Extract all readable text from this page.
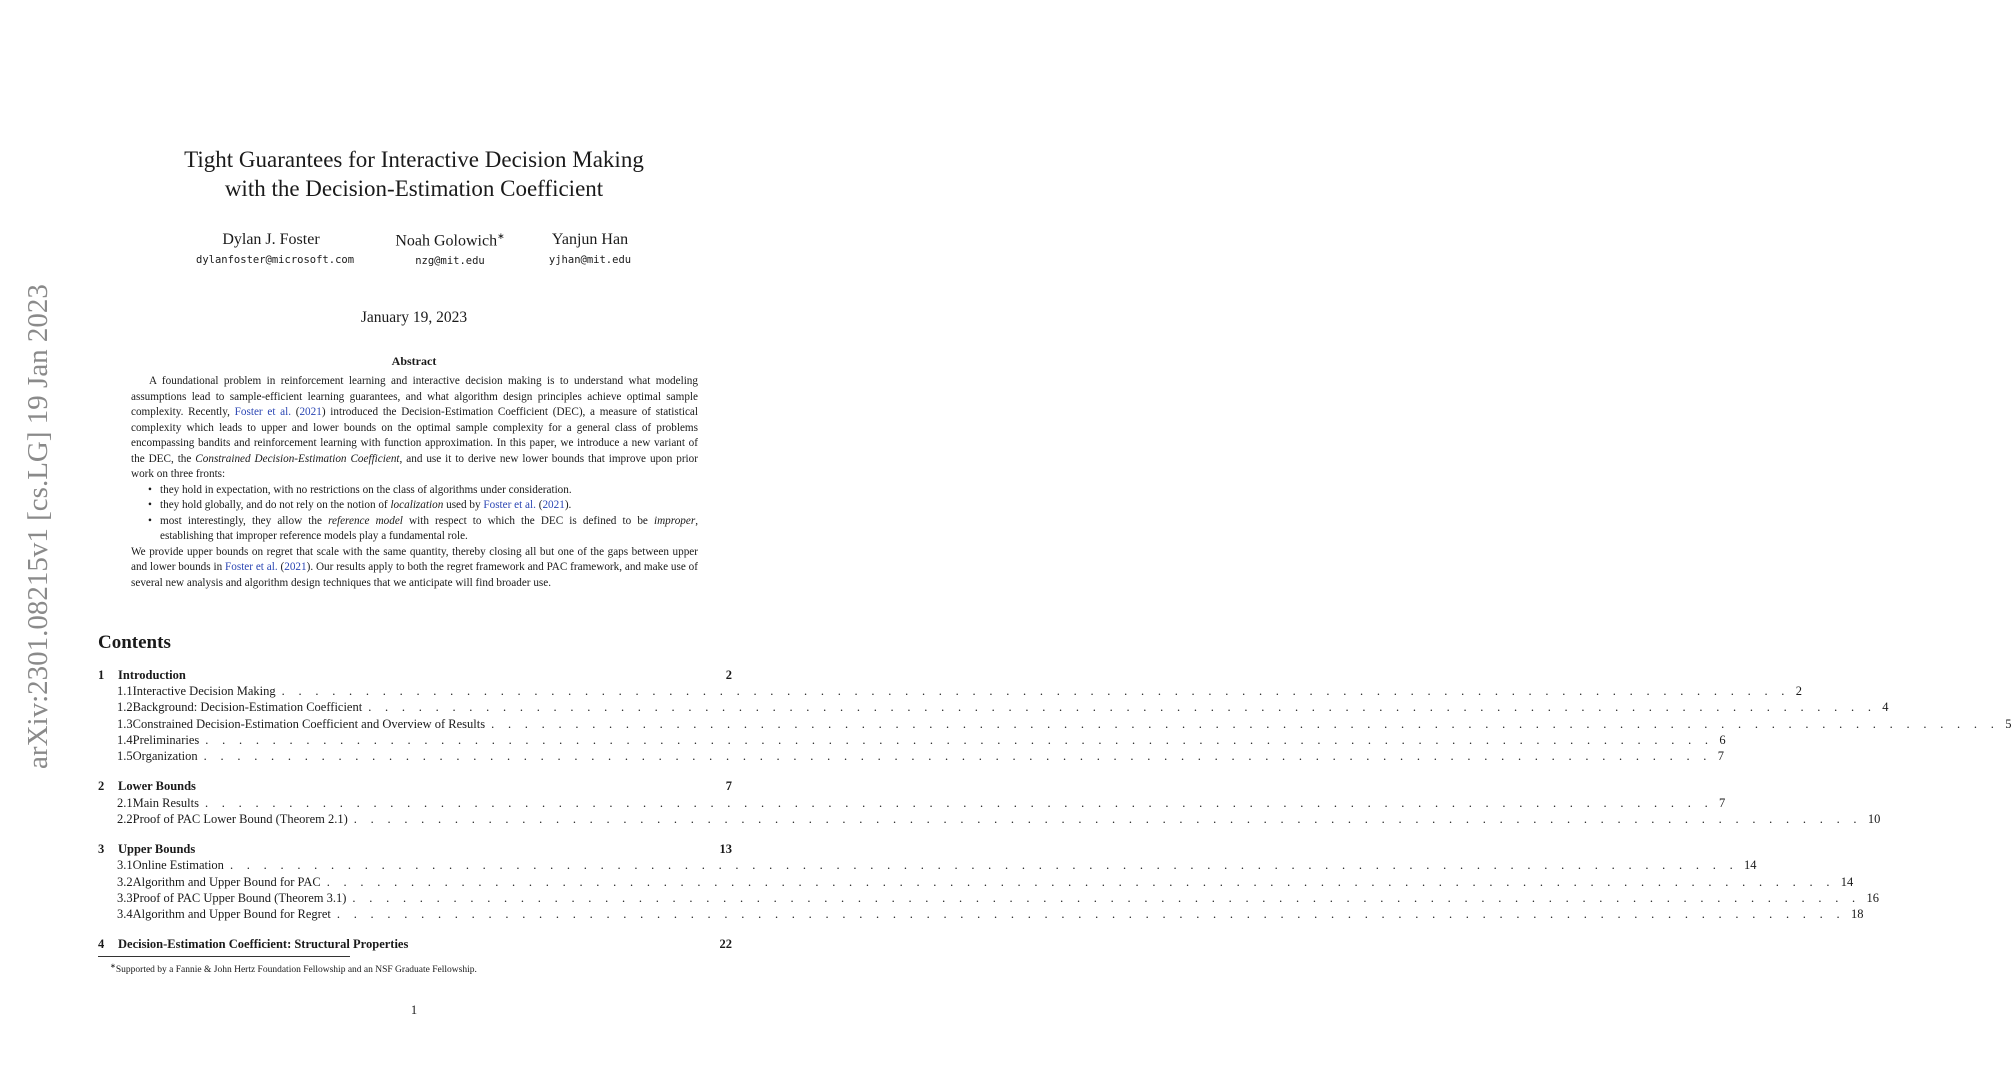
arXiv:2301.08215v1 [cs.LG] 19 Jan 2023
Tight Guarantees for Interactive Decision Making
with the Decision-Estimation Coefficient
Dylan J. Foster
dylanfoster@microsoft.com
Noah Golowich∗
nzg@mit.edu
Yanjun Han
yjhan@mit.edu
January 19, 2023
Abstract

A foundational problem in reinforcement learning and interactive decision making is to understand what modeling assumptions lead to sample-efficient learning guarantees, and what algorithm design principles achieve optimal sample complexity. Recently, Foster et al. (2021) introduced the Decision-Estimation Coefficient (DEC), a measure of statistical complexity which leads to upper and lower bounds on the optimal sample complexity for a general class of problems encompassing bandits and reinforcement learning with function approximation. In this paper, we introduce a new variant of the DEC, the Constrained Decision-Estimation Coefficient, and use it to derive new lower bounds that improve upon prior work on three fronts:

• they hold in expectation, with no restrictions on the class of algorithms under consideration.
• they hold globally, and do not rely on the notion of localization used by Foster et al. (2021).
• most interestingly, they allow the reference model with respect to which the DEC is defined to be improper, establishing that improper reference models play a fundamental role.

We provide upper bounds on regret that scale with the same quantity, thereby closing all but one of the gaps between upper and lower bounds in Foster et al. (2021). Our results apply to both the regret framework and PAC framework, and make use of several new analysis and algorithm design techniques that we anticipate will find broader use.

Contents
1	Introduction	2
1.1 Interactive Decision Making . . . . . . . . . . . . . . . . . . . . . . . . . . . . . . . . . . . . . . . . . . . . . . . . . . . . . . . . . . . . . . . . . . . . . . . . . . . . . . . . . . . . . . . . . . 2
1.2 Background: Decision-Estimation Coefficient . . . . . . . . . . . . . . . . . . . . . . . . . . . . . . . . . . . . . . . . . . . . . . . . . . . . . . . . . . . . . . . . . . . . . . . . . . . . . . . . . . . . . . . . . . 4
1.3 Constrained Decision-Estimation Coefficient and Overview of Results . . . . . . . . . . . . . . . . . . . . . . . . . . . . . . . . . . . . . . . . . . . . . . . . . . . . . . . . . . . . . . . . . . . . . . . . . . . . . . . . . . . . . . . . . . 5
1.4 Preliminaries . . . . . . . . . . . . . . . . . . . . . . . . . . . . . . . . . . . . . . . . . . . . . . . . . . . . . . . . . . . . . . . . . . . . . . . . . . . . . . . . . . . . . . . . . . 6
1.5 Organization . . . . . . . . . . . . . . . . . . . . . . . . . . . . . . . . . . . . . . . . . . . . . . . . . . . . . . . . . . . . . . . . . . . . . . . . . . . . . . . . . . . . . . . . . . 7
2	Lower Bounds	7
2.1 Main Results . . . . . . . . . . . . . . . . . . . . . . . . . . . . . . . . . . . . . . . . . . . . . . . . . . . . . . . . . . . . . . . . . . . . . . . . . . . . . . . . . . . . . . . . . . 7
2.2 Proof of PAC Lower Bound (Theorem 2.1) . . . . . . . . . . . . . . . . . . . . . . . . . . . . . . . . . . . . . . . . . . . . . . . . . . . . . . . . . . . . . . . . . . . . . . . . . . . . . . . . . . . . . . . . . . 10
3	Upper Bounds	13
3.1 Online Estimation . . . . . . . . . . . . . . . . . . . . . . . . . . . . . . . . . . . . . . . . . . . . . . . . . . . . . . . . . . . . . . . . . . . . . . . . . . . . . . . . . . . . . . . . . . 14
3.2 Algorithm and Upper Bound for PAC . . . . . . . . . . . . . . . . . . . . . . . . . . . . . . . . . . . . . . . . . . . . . . . . . . . . . . . . . . . . . . . . . . . . . . . . . . . . . . . . . . . . . . . . . . 14
3.3 Proof of PAC Upper Bound (Theorem 3.1) . . . . . . . . . . . . . . . . . . . . . . . . . . . . . . . . . . . . . . . . . . . . . . . . . . . . . . . . . . . . . . . . . . . . . . . . . . . . . . . . . . . . . . . . . . 16
3.4 Algorithm and Upper Bound for Regret . . . . . . . . . . . . . . . . . . . . . . . . . . . . . . . . . . . . . . . . . . . . . . . . . . . . . . . . . . . . . . . . . . . . . . . . . . . . . . . . . . . . . . . . . . 18
4	Decision-Estimation Coefficient: Structural Properties	22
∗Supported by a Fannie & John Hertz Foundation Fellowship and an NSF Graduate Fellowship.
1
